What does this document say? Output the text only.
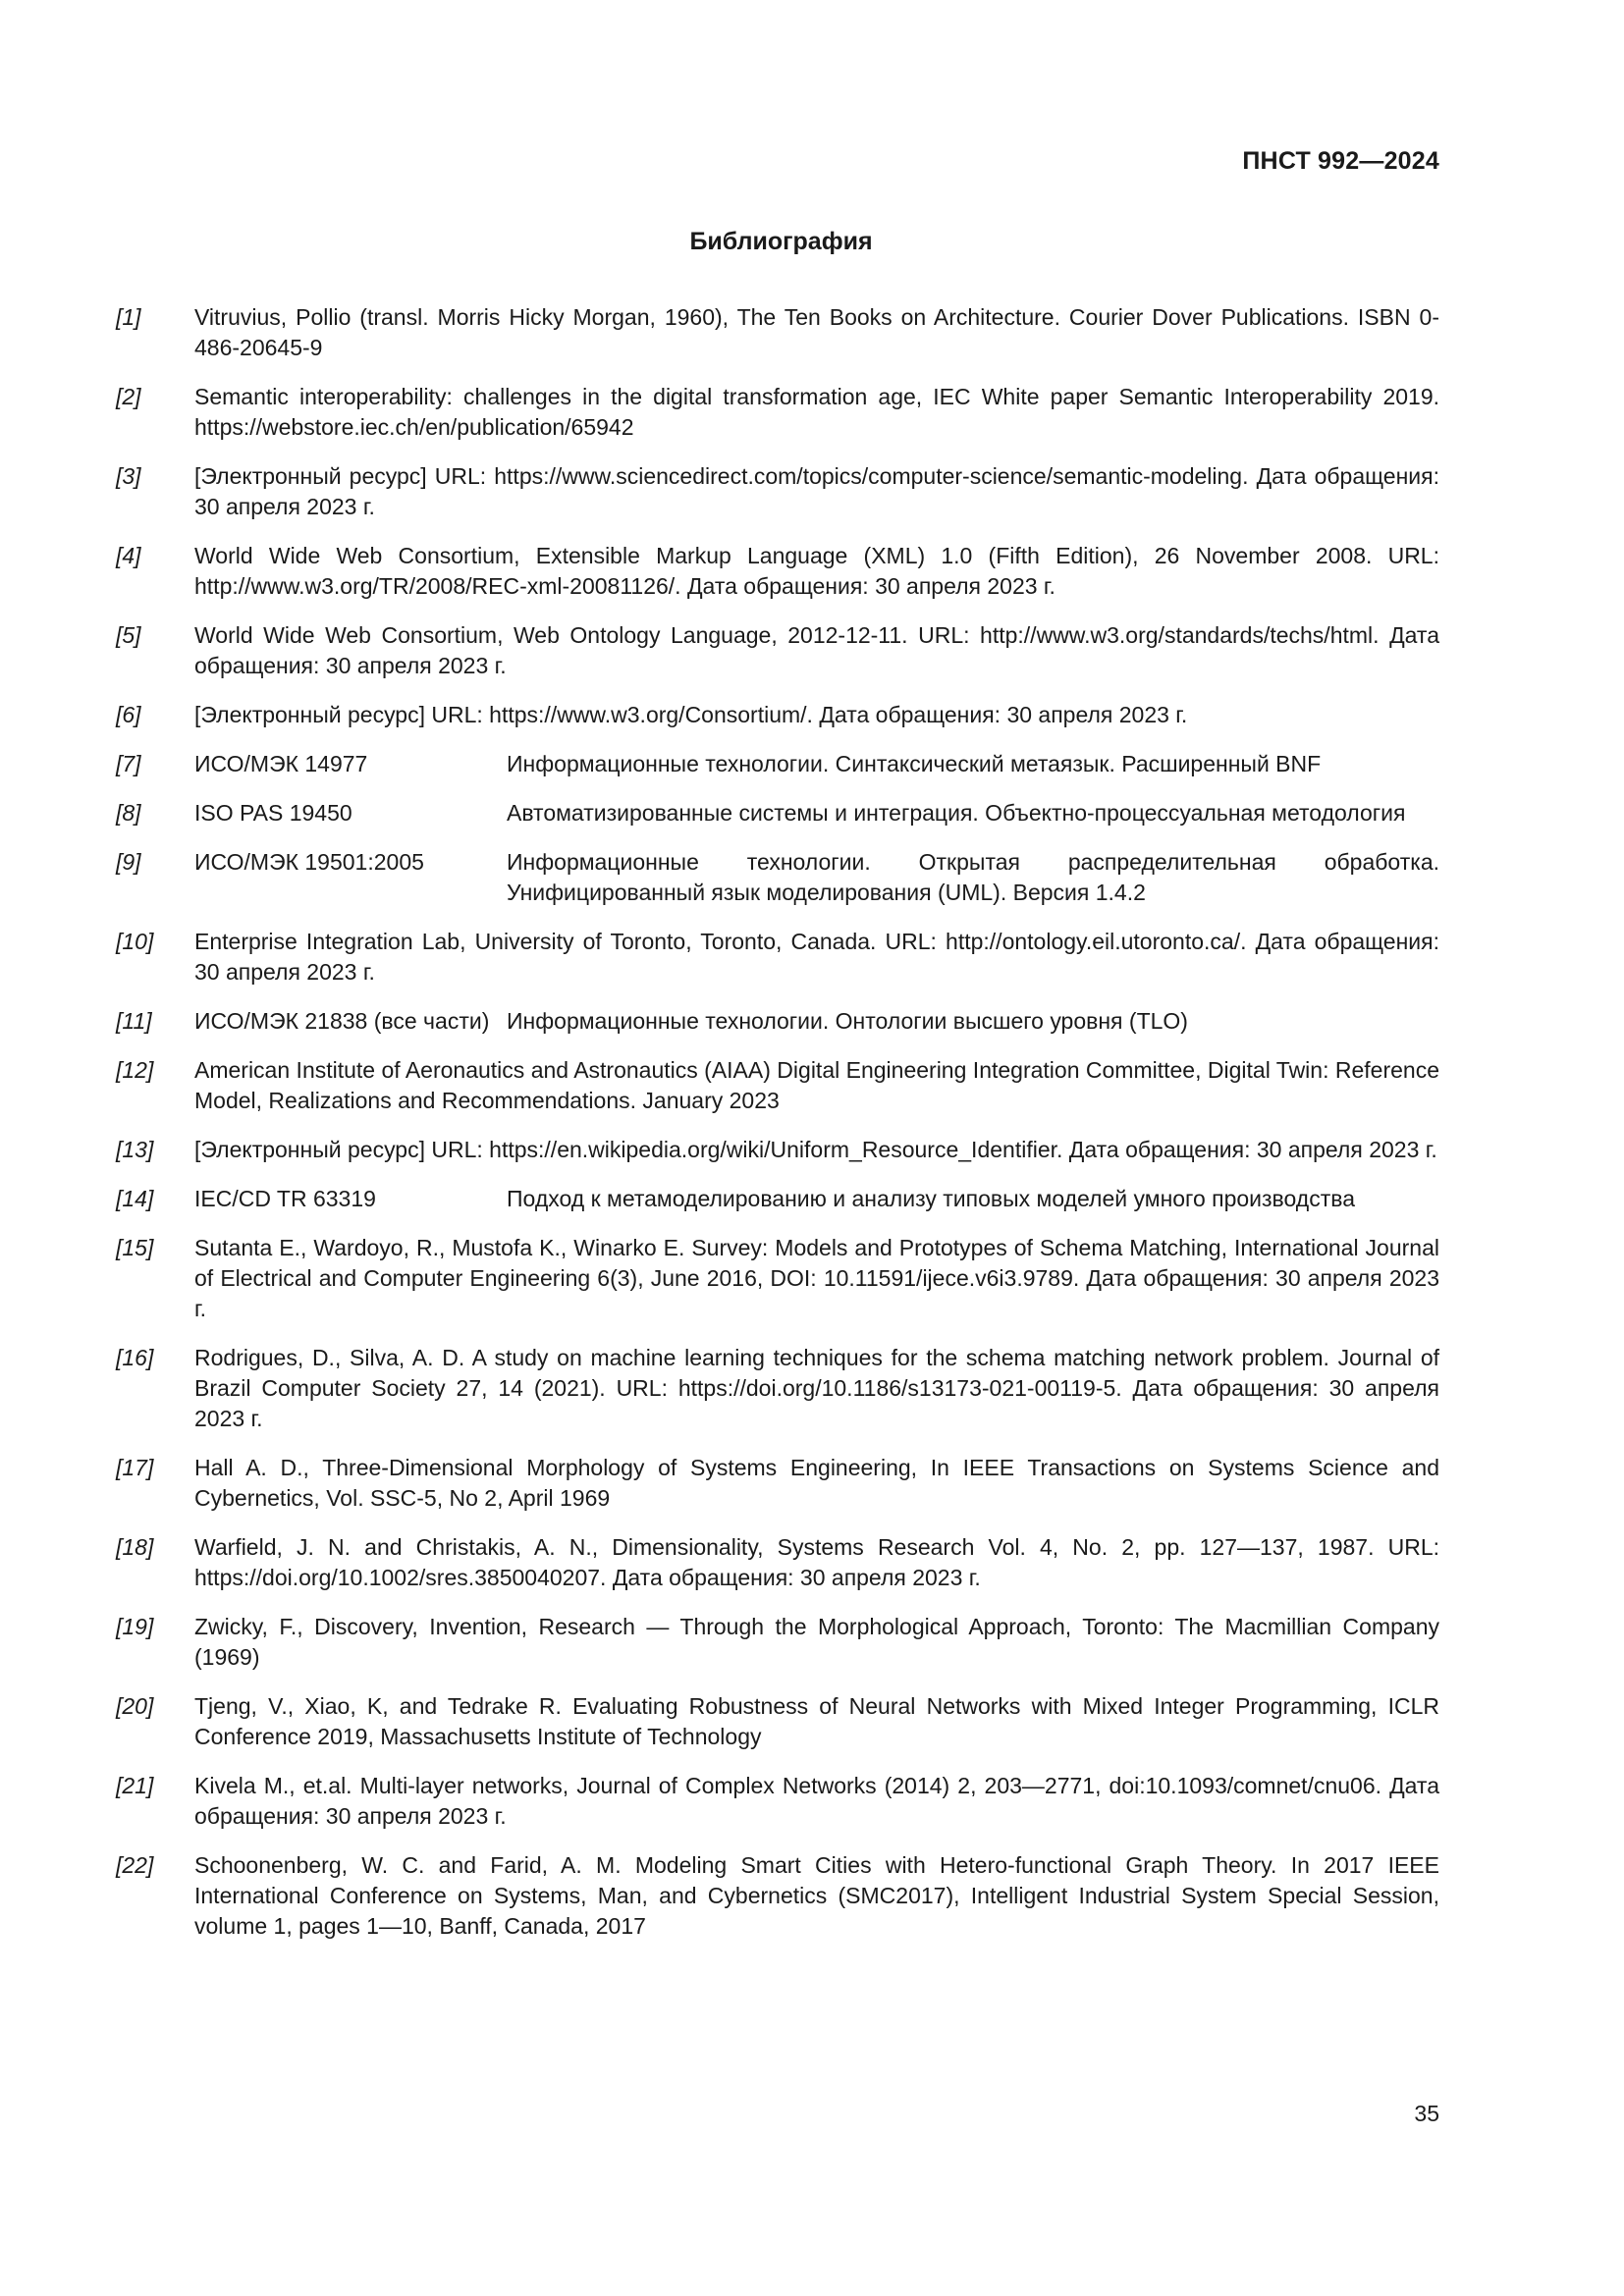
ПНСТ 992—2024
Библиография
[1]	Vitruvius, Pollio (transl. Morris Hicky Morgan, 1960), The Ten Books on Architecture. Courier Dover Publications. ISBN 0-486-20645-9
[2]	Semantic interoperability: challenges in the digital transformation age, IEC White paper Semantic Interoperability 2019. https://webstore.iec.ch/en/publication/65942
[3]	[Электронный ресурс] URL: https://www.sciencedirect.com/topics/computer-science/semantic-modeling. Дата обращения: 30 апреля 2023 г.
[4]	World Wide Web Consortium, Extensible Markup Language (XML) 1.0 (Fifth Edition), 26 November 2008. URL: http://www.w3.org/TR/2008/REC-xml-20081126/. Дата обращения: 30 апреля 2023 г.
[5]	World Wide Web Consortium, Web Ontology Language, 2012-12-11. URL: http://www.w3.org/standards/techs/html. Дата обращения: 30 апреля 2023 г.
[6]	[Электронный ресурс] URL: https://www.w3.org/Consortium/. Дата обращения: 30 апреля 2023 г.
[7]	ИСО/МЭК 14977	Информационные технологии. Синтаксический метаязык. Расширенный BNF
[8]	ISO PAS 19450	Автоматизированные системы и интеграция. Объектно-процессуальная методология
[9]	ИСО/МЭК 19501:2005	Информационные технологии. Открытая распределительная обработка. Унифицированный язык моделирования (UML). Версия 1.4.2
[10]	Enterprise Integration Lab, University of Toronto, Toronto, Canada. URL: http://ontology.eil.utoronto.ca/. Дата обращения: 30 апреля 2023 г.
[11]	ИСО/МЭК 21838 (все части) Информационные технологии. Онтологии высшего уровня (TLO)
[12]	American Institute of Aeronautics and Astronautics (AIAA) Digital Engineering Integration Committee, Digital Twin: Reference Model, Realizations and Recommendations. January 2023
[13]	[Электронный ресурс] URL: https://en.wikipedia.org/wiki/Uniform_Resource_Identifier. Дата обращения: 30 апреля 2023 г.
[14]	IEC/CD TR 63319	Подход к метамоделированию и анализу типовых моделей умного производства
[15]	Sutanta E., Wardoyo, R., Mustofa K., Winarko E. Survey: Models and Prototypes of Schema Matching, International Journal of Electrical and Computer Engineering 6(3), June 2016, DOI: 10.11591/ijece.v6i3.9789. Дата обращения: 30 апреля 2023 г.
[16]	Rodrigues, D., Silva, A. D. A study on machine learning techniques for the schema matching network problem. Journal of Brazil Computer Society 27, 14 (2021). URL: https://doi.org/10.1186/s13173-021-00119-5. Дата обращения: 30 апреля 2023 г.
[17]	Hall A. D., Three-Dimensional Morphology of Systems Engineering, In IEEE Transactions on Systems Science and Cybernetics, Vol. SSC-5, No 2, April 1969
[18]	Warfield, J. N. and Christakis, A. N., Dimensionality, Systems Research Vol. 4, No. 2, pp. 127—137, 1987. URL: https://doi.org/10.1002/sres.3850040207. Дата обращения: 30 апреля 2023 г.
[19]	Zwicky, F., Discovery, Invention, Research — Through the Morphological Approach, Toronto: The Macmillian Company (1969)
[20]	Tjeng, V., Xiao, K, and Tedrake R. Evaluating Robustness of Neural Networks with Mixed Integer Programming, ICLR Conference 2019, Massachusetts Institute of Technology
[21]	Kivela M., et.al. Multi-layer networks, Journal of Complex Networks (2014) 2, 203—2771, doi:10.1093/comnet/cnu06. Дата обращения: 30 апреля 2023 г.
[22]	Schoonenberg, W. C. and Farid, A. M. Modeling Smart Cities with Hetero-functional Graph Theory. In 2017 IEEE International Conference on Systems, Man, and Cybernetics (SMC2017), Intelligent Industrial System Special Session, volume 1, pages 1—10, Banff, Canada, 2017
35
